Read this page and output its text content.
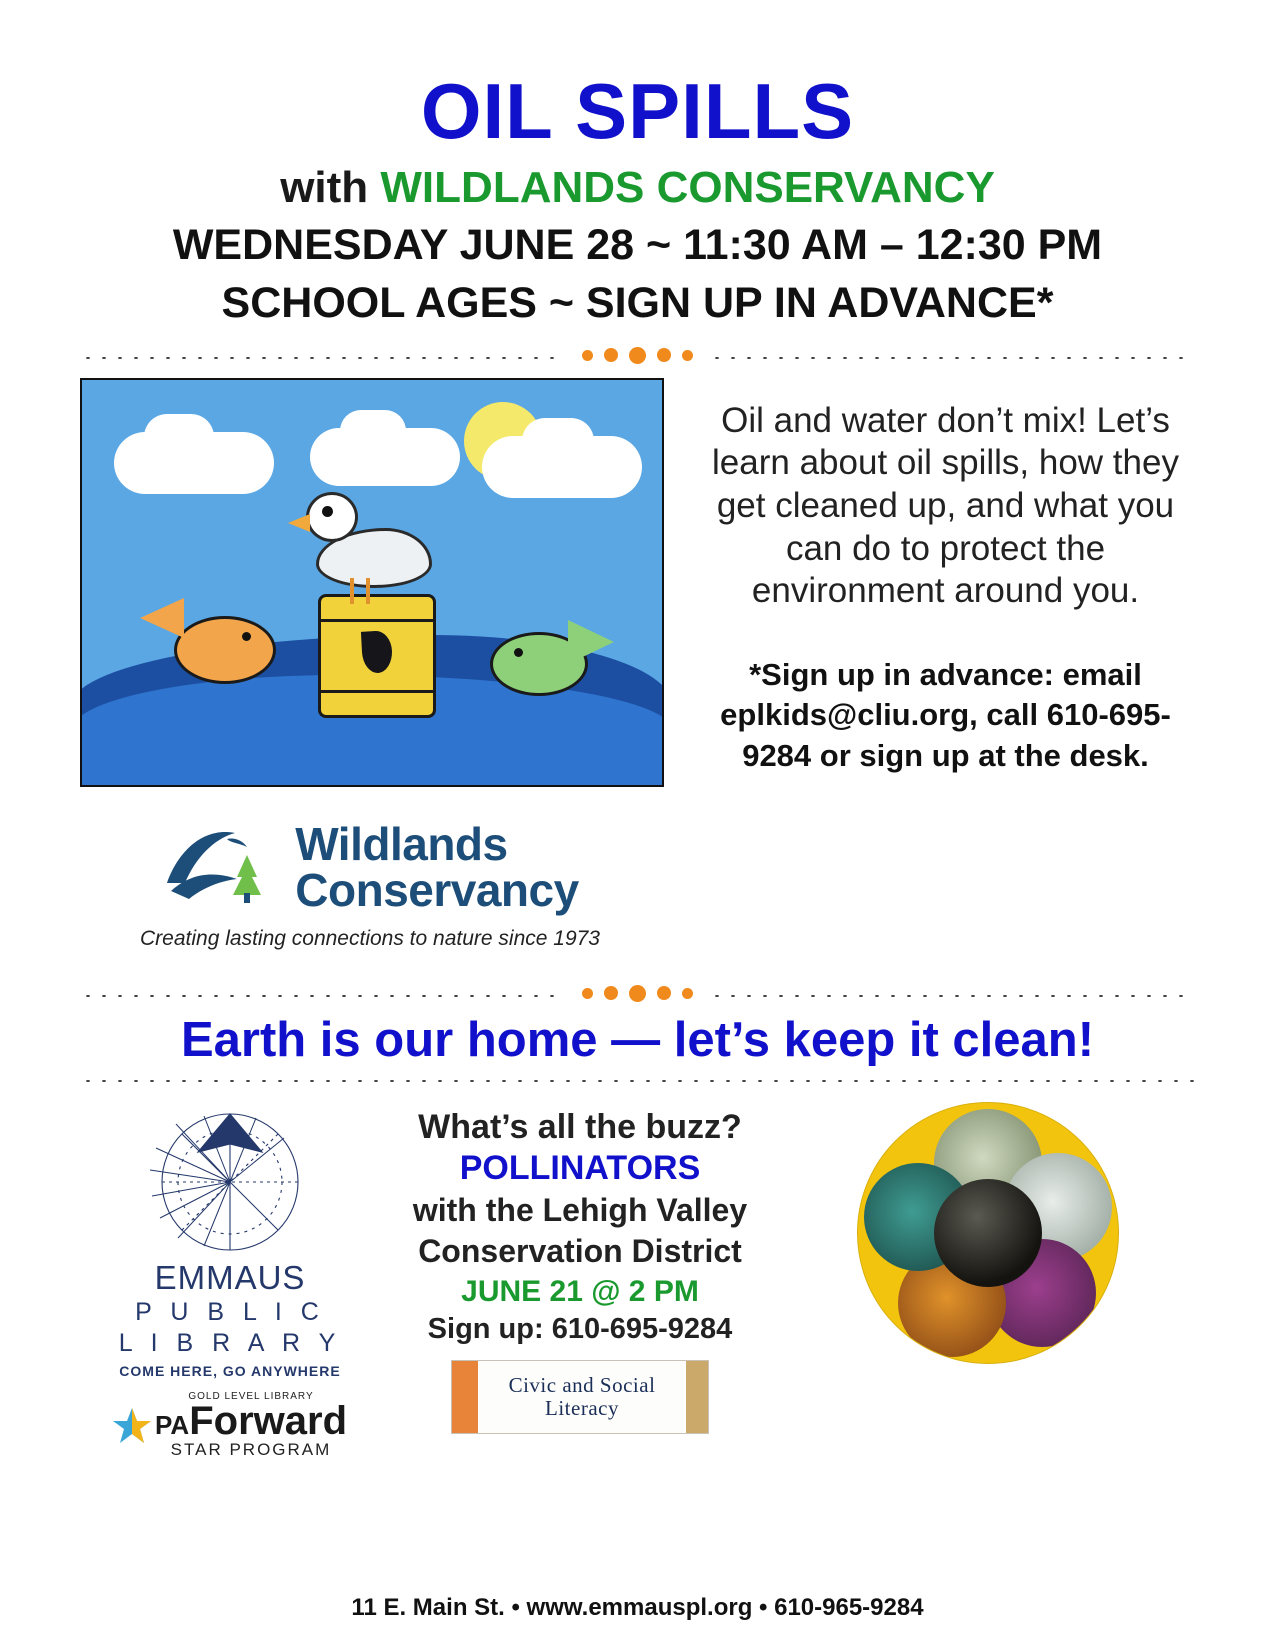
OIL SPILLS
with WILDLANDS CONSERVANCY
WEDNESDAY JUNE 28 ~ 11:30 AM – 12:30 PM
SCHOOL AGES ~ SIGN UP IN ADVANCE*
Wildlands
Conservancy
Creating lasting connections to nature since 1973
Oil and water don’t mix! Let’s learn about oil spills, how they get cleaned up, and what you can do to protect the environment around you.
*Sign up in advance: email eplkids@cliu.org, call 610-695-9284 or sign up at the desk.
Earth is our home — let’s keep it clean!
EMMAUS
P U B L I C
L I B R A R Y
COME HERE, GO ANYWHERE
GOLD LEVEL LIBRARY
PAForward
STAR PROGRAM
What’s all the buzz?
POLLINATORS
with the Lehigh Valley
Conservation District
JUNE 21 @ 2 PM
Sign up: 610-695-9284
Civic and Social
Literacy
11 E. Main St. • www.emmauspl.org • 610-965-9284
